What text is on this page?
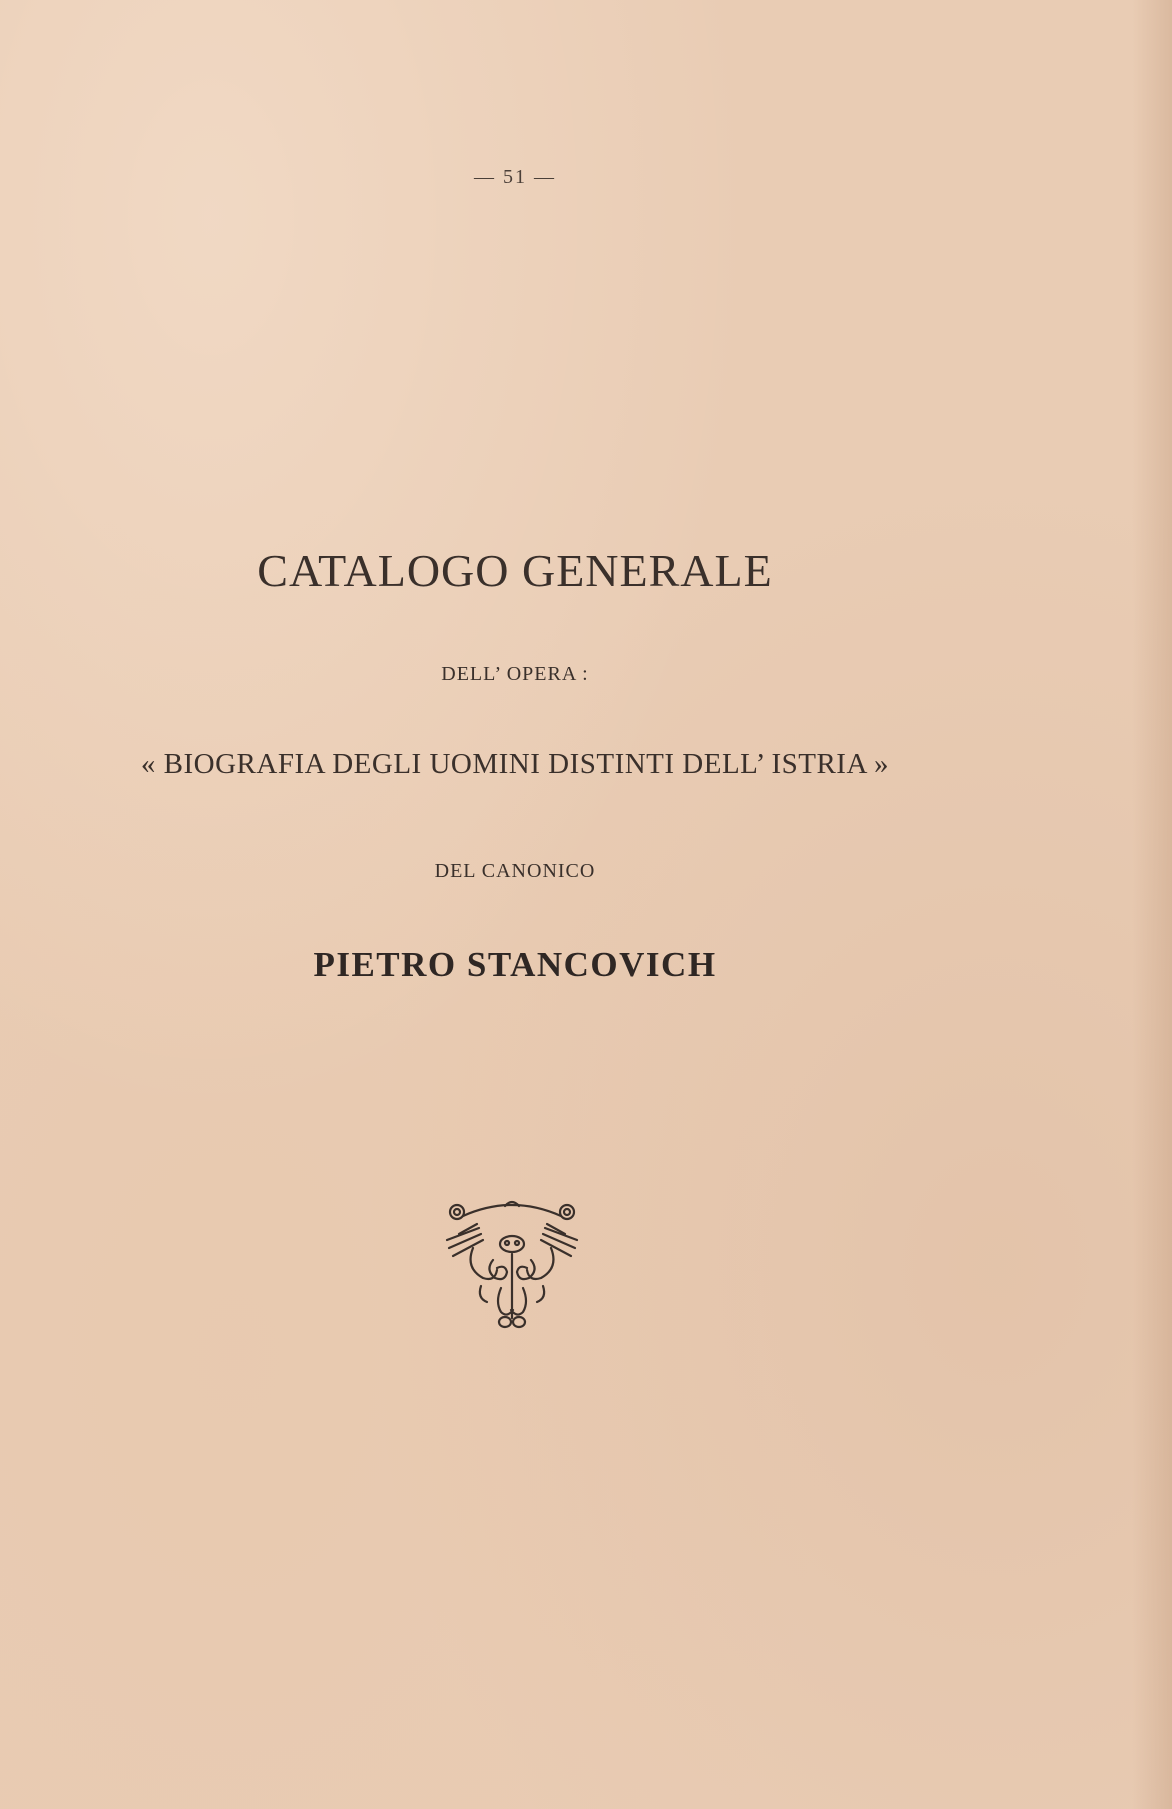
— 51 —
CATALOGO GENERALE
DELL’ OPERA :
« BIOGRAFIA DEGLI UOMINI DISTINTI DELL’ ISTRIA »
DEL CANONICO
PIETRO STANCOVICH
